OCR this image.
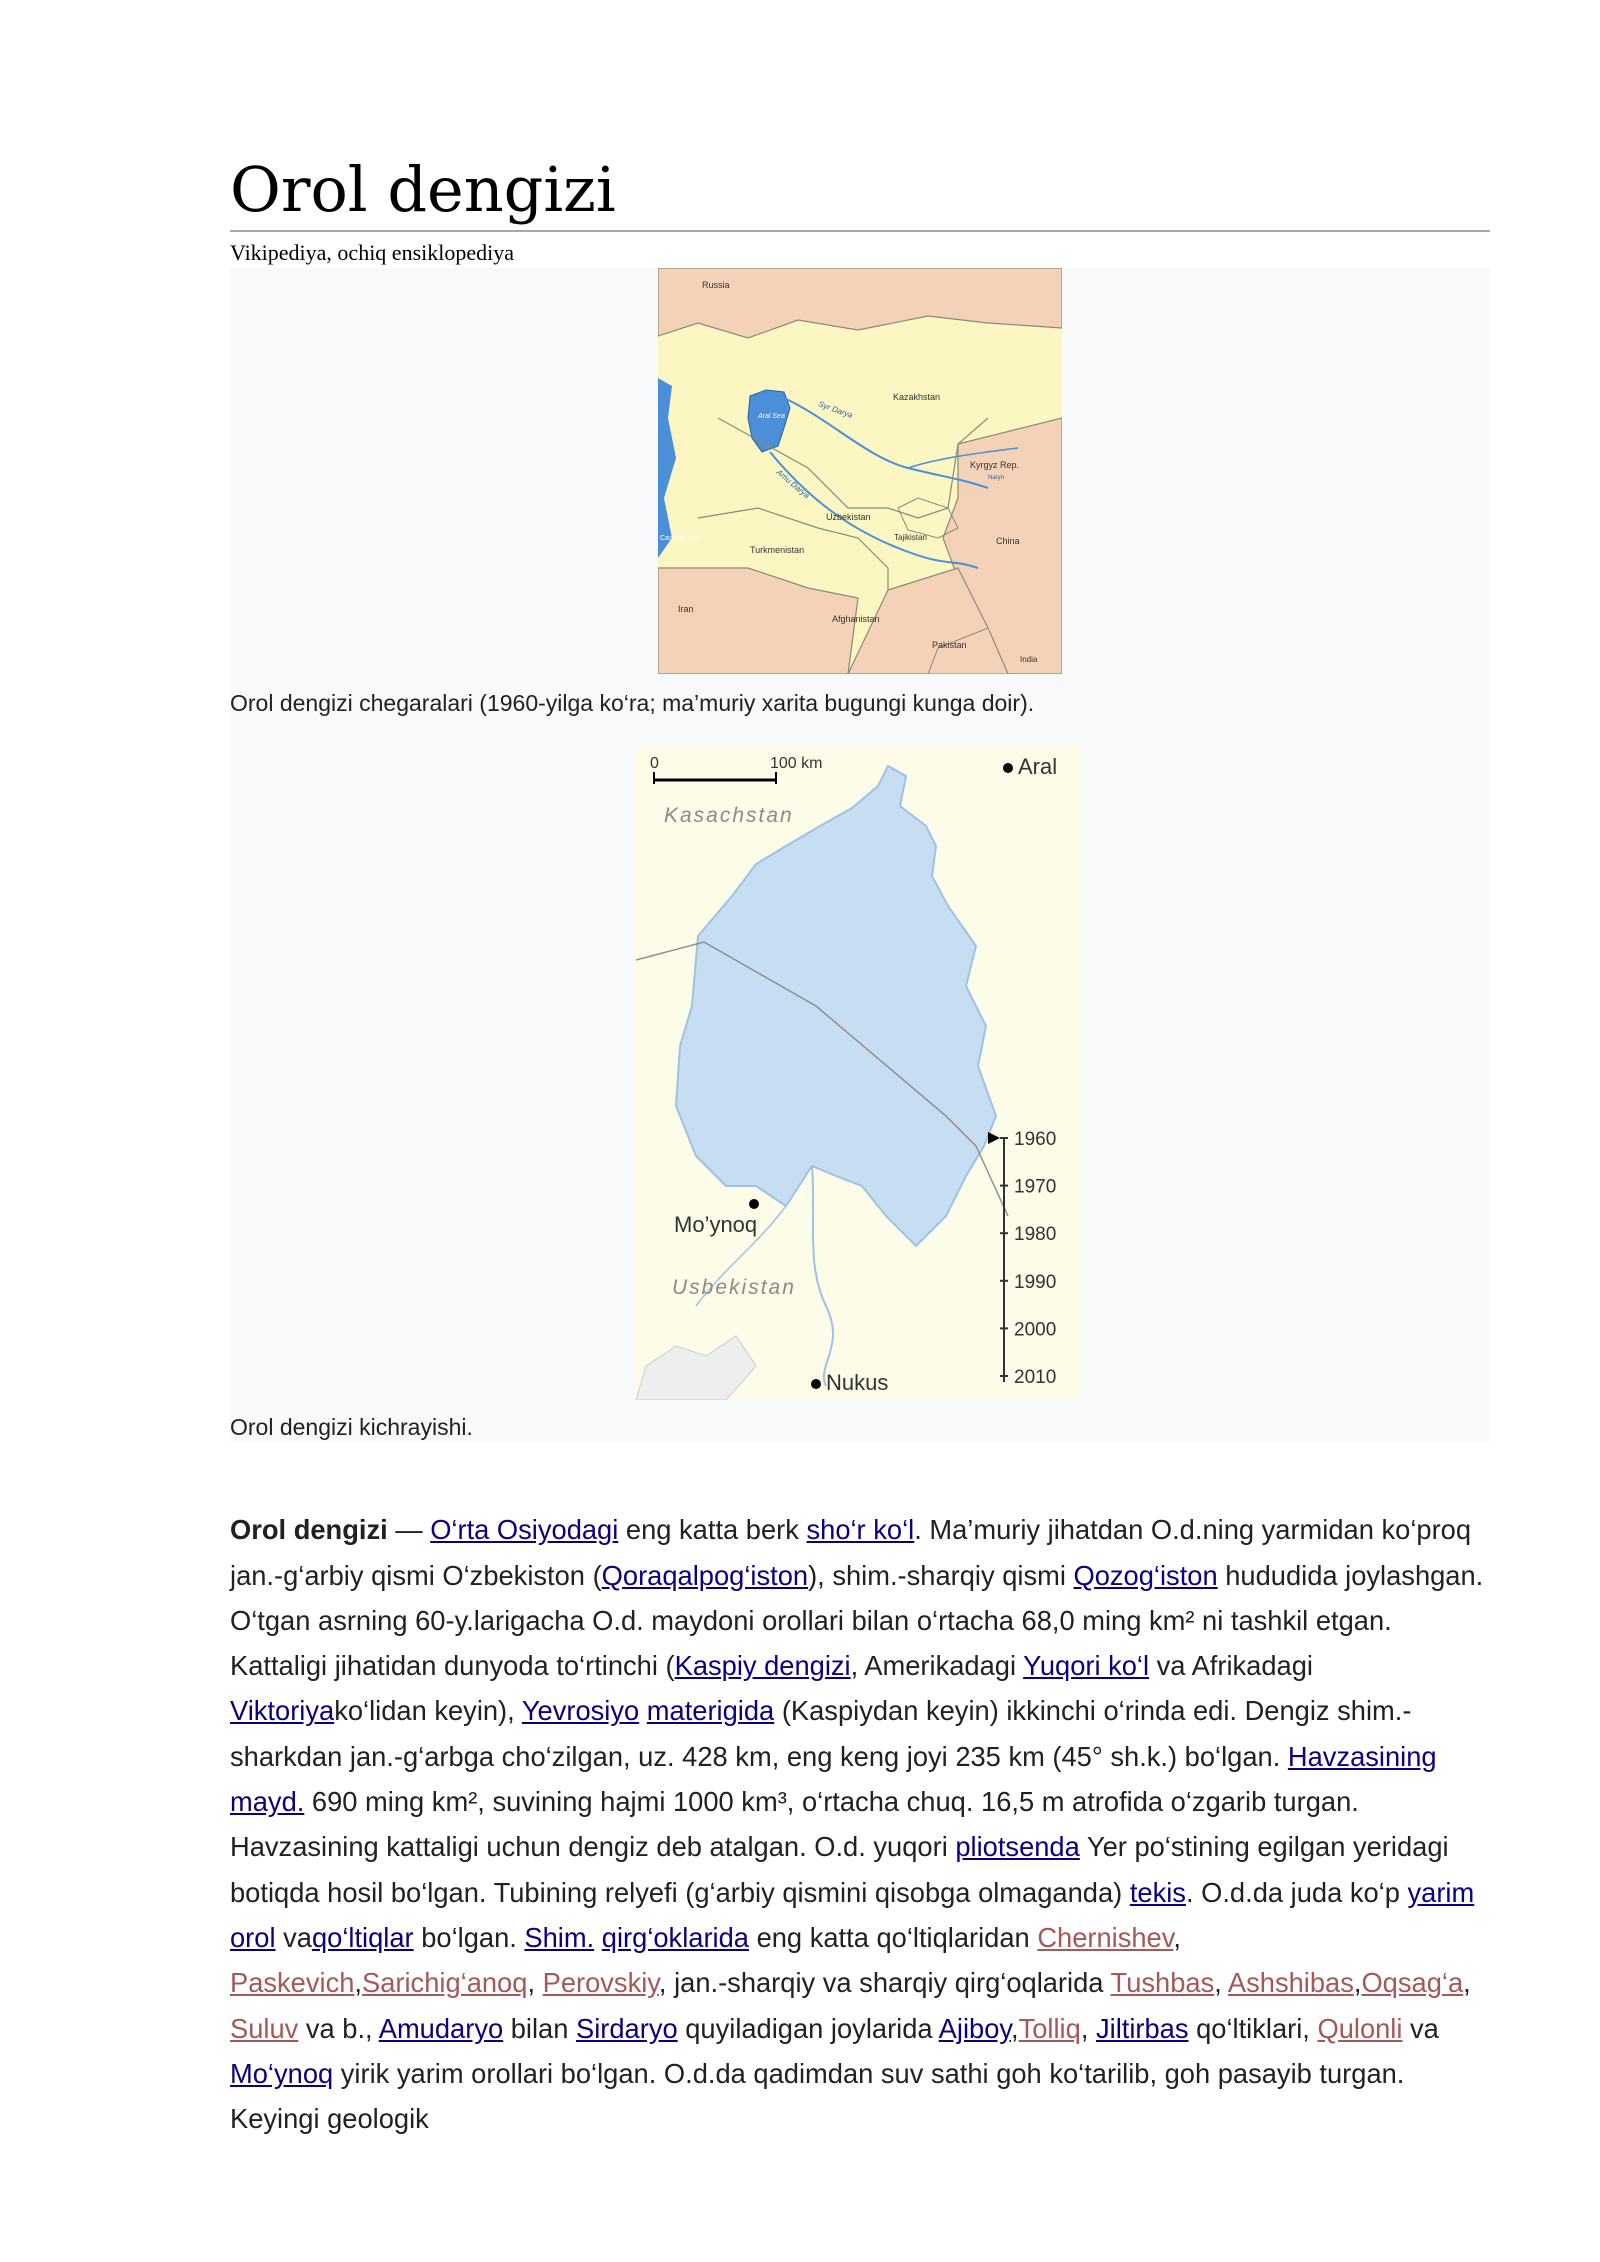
Orol dengizi
Vikipediya, ochiq ensiklopediya
Russia
Kazakhstan
Syr Darya
Aral Sea
Amu Darya
Kyrgyz Rep.
Naryn
Uzbekistan
Tajikistan
Caspian Sea
Turkmenistan
China
Iran
Afghanistan
Pakistan
India
Orol dengizi chegaralari (1960-yilga ko‘ra; ma’muriy xarita bugungi kunga doir).
0	100 km	Aral
Kasachstan
Mo’ynoq
Usbekistan
Nukus
1960
1970
1980
1990
2000
2010
Orol dengizi kichrayishi.

Orol dengizi — O‘rta Osiyodagi eng katta berk sho‘r ko‘l. Ma’muriy jihatdan O.d.ning yarmidan ko‘proq jan.-g‘arbiy qismi O‘zbekiston (Qoraqalpog‘iston), shim.-sharqiy qismi Qozog‘iston hududida joylashgan. O‘tgan asrning 60-y.larigacha O.d. maydoni orollari bilan o‘rtacha 68,0 ming km² ni tashkil etgan. Kattaligi jihatidan dunyoda to‘rtinchi (Kaspiy dengizi, Amerikadagi Yuqori ko‘l va Afrikadagi Viktoriyako‘lidan keyin), Yevrosiyo materigida (Kaspiydan keyin) ikkinchi o‘rinda edi. Dengiz shim.-sharkdan jan.-g‘arbga cho‘zilgan, uz. 428 km, eng keng joyi 235 km (45° sh.k.) bo‘lgan. Havzasining mayd. 690 ming km², suvining hajmi 1000 km³, o‘rtacha chuq. 16,5 m atrofida o‘zgarib turgan. Havzasining kattaligi uchun dengiz deb atalgan. O.d. yuqori pliotsenda Yer po‘stining egilgan yeridagi botiqda hosil bo‘lgan. Tubining relyefi (g‘arbiy qismini qisobga olmaganda) tekis. O.d.da juda ko‘p yarim orol vaqo‘ltiqlar bo‘lgan. Shim. qirg‘oklarida eng katta qo‘ltiqlaridan Chernishev, Paskevich,Sarichig‘anoq, Perovskiy, jan.-sharqiy va sharqiy qirg‘oqlarida Tushbas, Ashshibas,Oqsag‘a, Suluv va b., Amudaryo bilan Sirdaryo quyiladigan joylarida Ajiboy,Tolliq, Jiltirbas qo‘ltiklari, Qulonli va Mo‘ynoq yirik yarim orollari bo‘lgan. O.d.da qadimdan suv sathi goh ko‘tarilib, goh pasayib turgan. Keyingi geologik
